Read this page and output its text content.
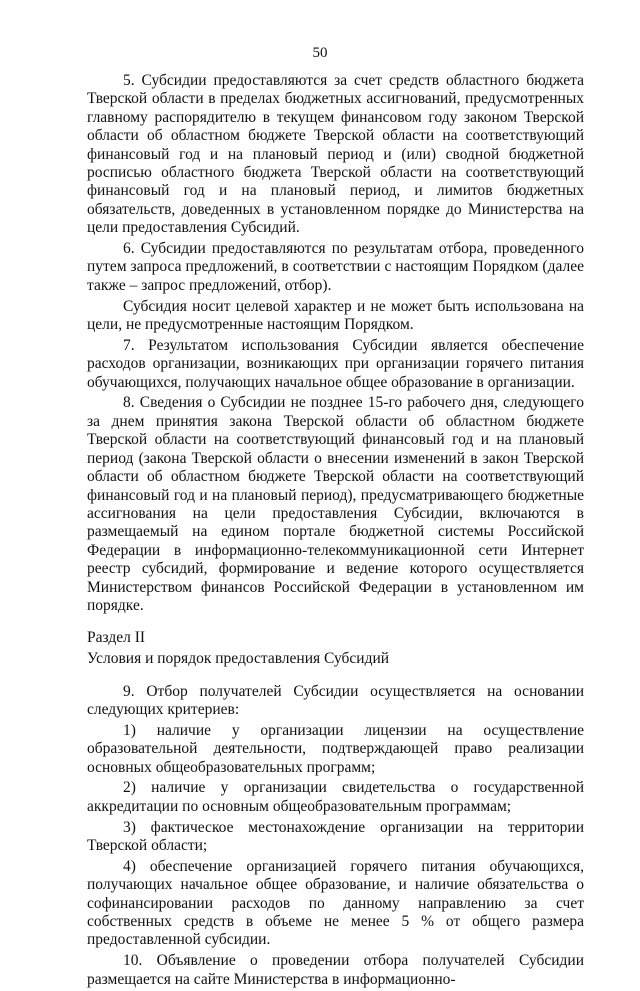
50

5. Субсидии предоставляются за счет средств областного бюджета Тверской области в пределах бюджетных ассигнований, предусмотренных главному распорядителю в текущем финансовом году законом Тверской области об областном бюджете Тверской области на соответствующий финансовый год и на плановый период и (или) сводной бюджетной росписью областного бюджета Тверской области на соответствующий финансовый год и на плановый период, и лимитов бюджетных обязательств, доведенных в установленном порядке до Министерства на цели предоставления Субсидий.

6. Субсидии предоставляются по результатам отбора, проведенного путем запроса предложений, в соответствии с настоящим Порядком (далее также – запрос предложений, отбор).

Субсидия носит целевой характер и не может быть использована на цели, не предусмотренные настоящим Порядком.

7. Результатом использования Субсидии является обеспечение расходов организации, возникающих при организации горячего питания обучающихся, получающих начальное общее образование в организации.

8. Сведения о Субсидии не позднее 15-го рабочего дня, следующего за днем принятия закона Тверской области об областном бюджете Тверской области на соответствующий финансовый год и на плановый период (закона Тверской области о внесении изменений в закон Тверской области об областном бюджете Тверской области на соответствующий финансовый год и на плановый период), предусматривающего бюджетные ассигнования на цели предоставления Субсидии, включаются в размещаемый на едином портале бюджетной системы Российской Федерации в информационно-телекоммуникационной сети Интернет реестр субсидий, формирование и ведение которого осуществляется Министерством финансов Российской Федерации в установленном им порядке.

Раздел II

Условия и порядок предоставления Субсидий

9. Отбор получателей Субсидии осуществляется на основании следующих критериев:

1) наличие у организации лицензии на осуществление образовательной деятельности, подтверждающей право реализации основных общеобразовательных программ;

2) наличие у организации свидетельства о государственной аккредитации по основным общеобразовательным программам;

3) фактическое местонахождение организации на территории Тверской области;

4) обеспечение организацией горячего питания обучающихся, получающих начальное общее образование, и наличие обязательства о софинансировании расходов по данному направлению за счет собственных средств в объеме не менее 5 % от общего размера предоставленной субсидии.

10. Объявление о проведении отбора получателей Субсидии размещается на сайте Министерства в информационно-
